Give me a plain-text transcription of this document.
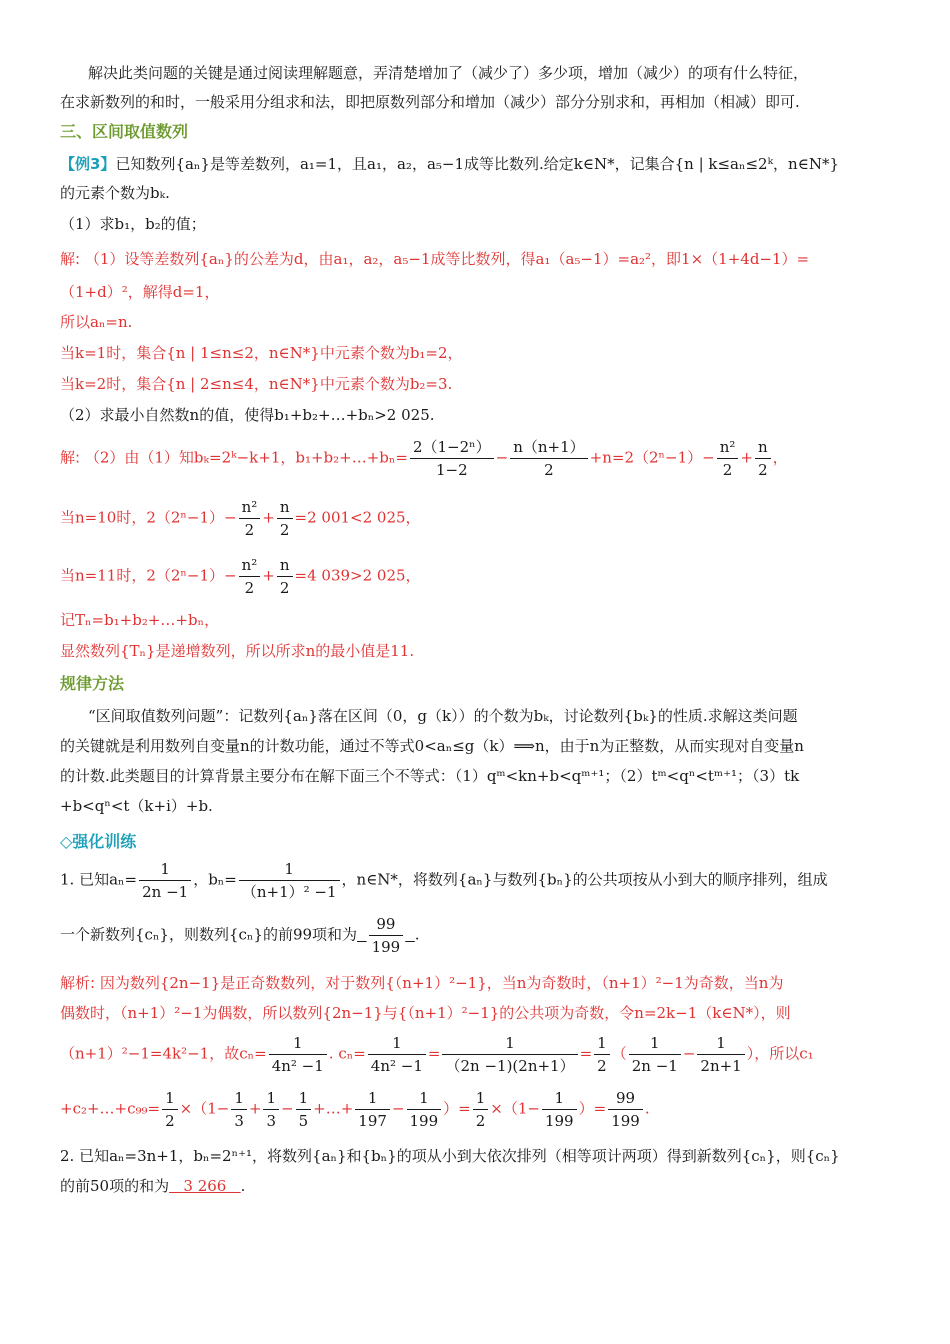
解决此类问题的关键是通过阅读理解题意，弄清楚增加了（减少了）多少项，增加（减少）的项有什么特征，
在求新数列的和时，一般采用分组求和法，即把原数列部分和增加（减少）部分分别求和，再相加（相减）即可.
三、区间取值数列
【例3】已知数列{aₙ}是等差数列，a₁=1，且a₁，a₂，a₅−1成等比数列.给定k∈N*，记集合{n | k≤aₙ≤2ᵏ，n∈N*}
的元素个数为bₖ.
（1）求b₁，b₂的值；
解: （1）设等差数列{aₙ}的公差为d，由a₁，a₂，a₅−1成等比数列，得a₁（a₅−1）=a₂²，即1×（1+4d−1）=
（1+d）²，解得d=1，
所以aₙ=n.
当k=1时，集合{n | 1≤n≤2，n∈N*}中元素个数为b₁=2，
当k=2时，集合{n | 2≤n≤4，n∈N*}中元素个数为b₂=3.
（2）求最小自然数n的值，使得b₁+b₂+…+bₙ>2 025.
解: （2）由（1）知bₖ=2ᵏ−k+1，b₁+b₂+…+bₙ= $\frac{\text{2（1−2ⁿ）}}{1-2} - \frac{n(n+1)}{2} +n=2(2^n-1)- \frac{\text{n²}}{2} + \frac{n}{2}$ ，
当n=10时，$2(2^n-1)- \frac{\text{n²}}{2} + \frac{n}{2} =2$ 001<2 025，
当n=11时，$2(2^n-1)- \frac{\text{n²}}{2} + \frac{n}{2} =4$ 039>2 025，
记Tₙ=b₁+b₂+…+bₙ，
显然数列{Tₙ}是递增数列，所以所求n的最小值是11.
规律方法
“区间取值数列问题”：记数列{aₙ}落在区间（0，g（k））的个数为bₖ，讨论数列{bₖ}的性质.求解这类问题
的关键就是利用数列自变量n的计数功能，通过不等式0<aₙ≤g（k）⟹n，由于n为正整数，从而实现对自变量n
的计数.此类题目的计算背景主要分布在解下面三个不等式：（1）qᵐ<kn+b<qᵐ⁺¹；（2）tᵐ<qⁿ<tᵐ⁺¹；（3）tk
+b<qⁿ<t（k+i）+b.
◇强化训练
1. 已知$a_n= \frac{1}{2n -1}$ ，$b_n= \frac{1}{\text{（n+1）² −1}}$ ，n∈N*，将数列{aₙ}与数列{bₙ}的公共项按从小到大的顺序排列，组成
一个新数列{cₙ}，则数列{cₙ}的前99项和为 $\frac{99}{199}$ .
解析: 因为数列{2n−1}是正奇数数列，对于数列{（n+1）²−1}，当n为奇数时，（n+1）²−1为奇数，当n为
偶数时，（n+1）²−1为偶数，所以数列{2n−1}与{（n+1）²−1}的公共项为奇数，令n=2k−1（k∈N*），则
（n+1）²−1=4k²−1，故$c_n= \frac{1}{\text{4n² −1}}$ . $c_n= \frac{1}{\text{4n² −1}} = \frac{1}{(2n -1)(2n+1)} = \frac{1}{2}$ （ $\frac{1}{2n -1} - \frac{1}{2n+1}$ ），所以c₁
+c₂+…+c₉₉= $\frac{1}{2} \times(1- \frac{1}{3} + \frac{1}{3} - \frac{1}{5}$ +…+ $\frac{1}{197} - \frac{1}{199}$ ）= $\frac{1}{2} \times(1- \frac{1}{199}$ ）= $\frac{99}{199}$ .
2. 已知aₙ=3n+1，bₙ=2ⁿ⁺¹，将数列{aₙ}和{bₙ}的项从小到大依次排列（相等项计两项）得到新数列{cₙ}，则{cₙ}
的前50项的和为 3 266 .
